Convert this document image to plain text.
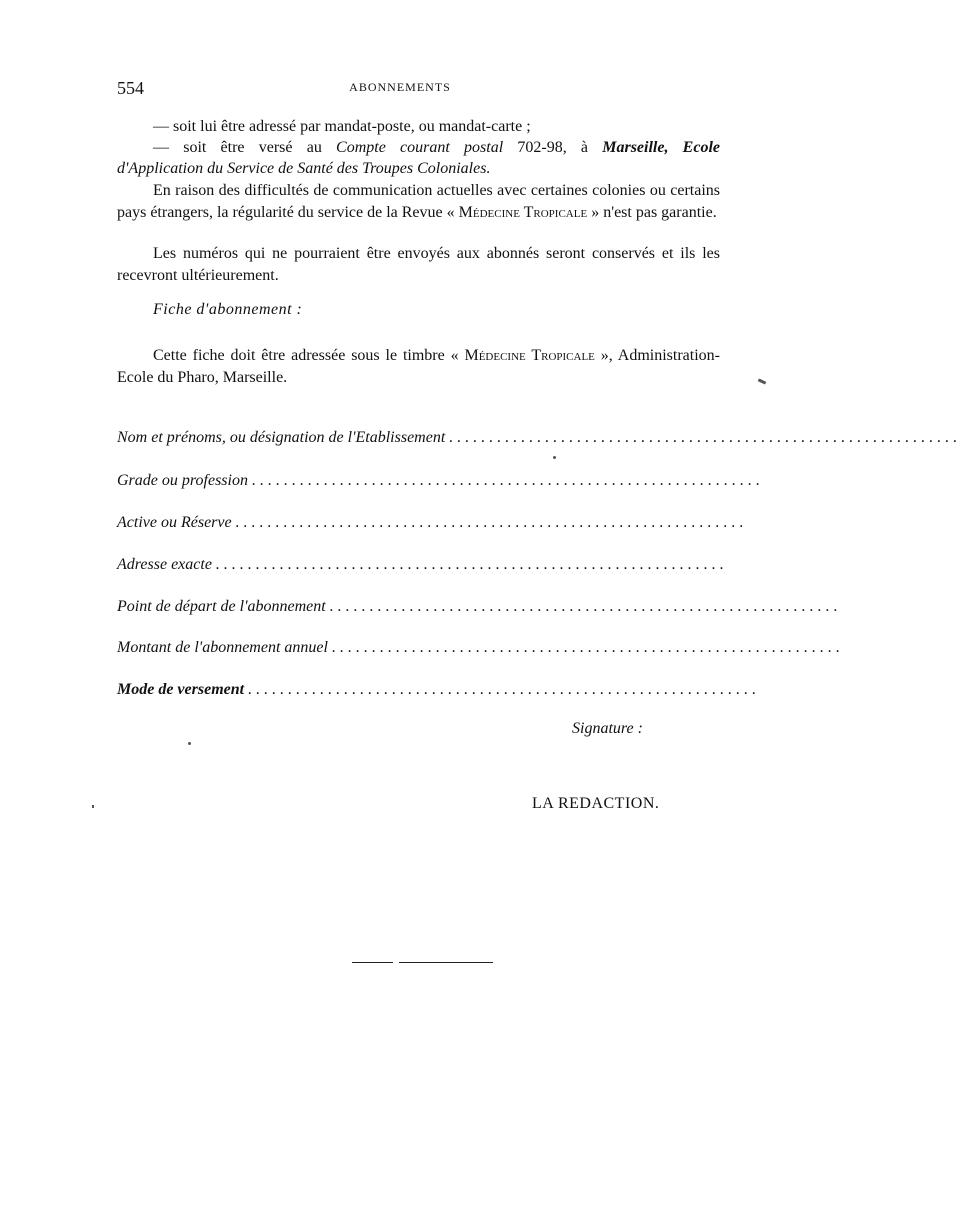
554	ABONNEMENTS
— soit lui être adressé par mandat-poste, ou mandat-carte ;
— soit être versé au Compte courant postal 702-98, à Marseille, Ecole
d'Application du Service de Santé des Troupes Coloniales.
En raison des difficultés de communication actuelles avec certaines colonies ou certains pays étrangers, la régularité du service de la Revue « Médecine Tropicale » n'est pas garantie.
Les numéros qui ne pourraient être envoyés aux abonnés seront conservés et ils les recevront ultérieurement.
Fiche d'abonnement :
Cette fiche doit être adressée sous le timbre « Médecine Tropicale », Administration-Ecole du Pharo, Marseille.
Nom et prénoms, ou désignation de l'Etablissement ................................................................
Grade ou profession ................................................................
Active ou Réserve ................................................................
Adresse exacte ................................................................
Point de départ de l'abonnement ................................................................
Montant de l'abonnement annuel ................................................................
Mode de versement ................................................................
Signature :
LA REDACTION.
